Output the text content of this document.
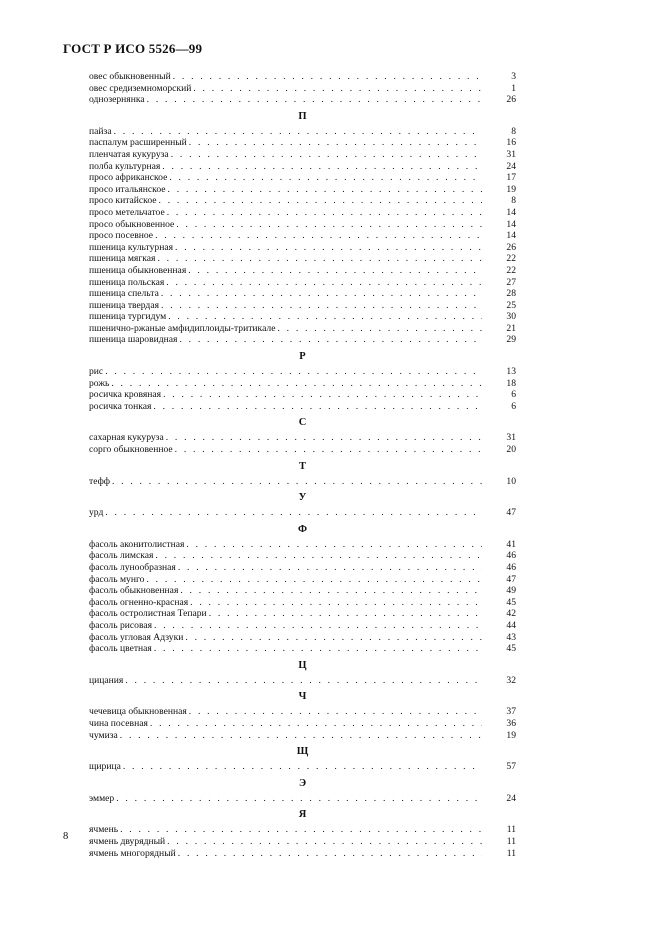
ГОСТ Р ИСО 5526—99
овес обыкновенный . . .	3
овес средиземноморский . . .	1
однозернянка . . .	26
П
пайза . . .	8
паспалум расширенный . . .	16
пленчатая кукуруза . . .	31
полба культурная . . .	24
просо африканское . . .	17
просо итальянское . . .	19
просо китайское . . .	8
просо метельчатое . . .	14
просо обыкновенное . . .	14
просо посевное . . .	14
пшеница культурная . . .	26
пшеница мягкая . . .	22
пшеница обыкновенная . . .	22
пшеница польская . . .	27
пшеница спельта . . .	28
пшеница твердая . . .	25
пшеница тургидум . . .	30
пшенично-ржаные амфидиплоиды-тритикале . . .	21
пшеница шаровидная . . .	29
Р
рис . . .	13
рожь . . .	18
росичка кровяная . . .	6
росичка тонкая . . .	6
С
сахарная кукуруза . . .	31
сорго обыкновенное . . .	20
Т
тефф . . .	10
У
урд . . .	47
Ф
фасоль аконитолистная . . .	41
фасоль лимская . . .	46
фасоль лунообразная . . .	46
фасоль мунго . . .	47
фасоль обыкновенная . . .	49
фасоль огненно-красная . . .	45
фасоль остролистная Тепари . . .	42
фасоль рисовая . . .	44
фасоль угловая Адзуки . . .	43
фасоль цветная . . .	45
Ц
цицания . . .	32
Ч
чечевица обыкновенная . . .	37
чина посевная . . .	36
чумиза . . .	19
Щ
щирица . . .	57
Э
эммер . . .	24
Я
ячмень . . .	11
ячмень двурядный . . .	11
ячмень многорядный . . .	11
8
